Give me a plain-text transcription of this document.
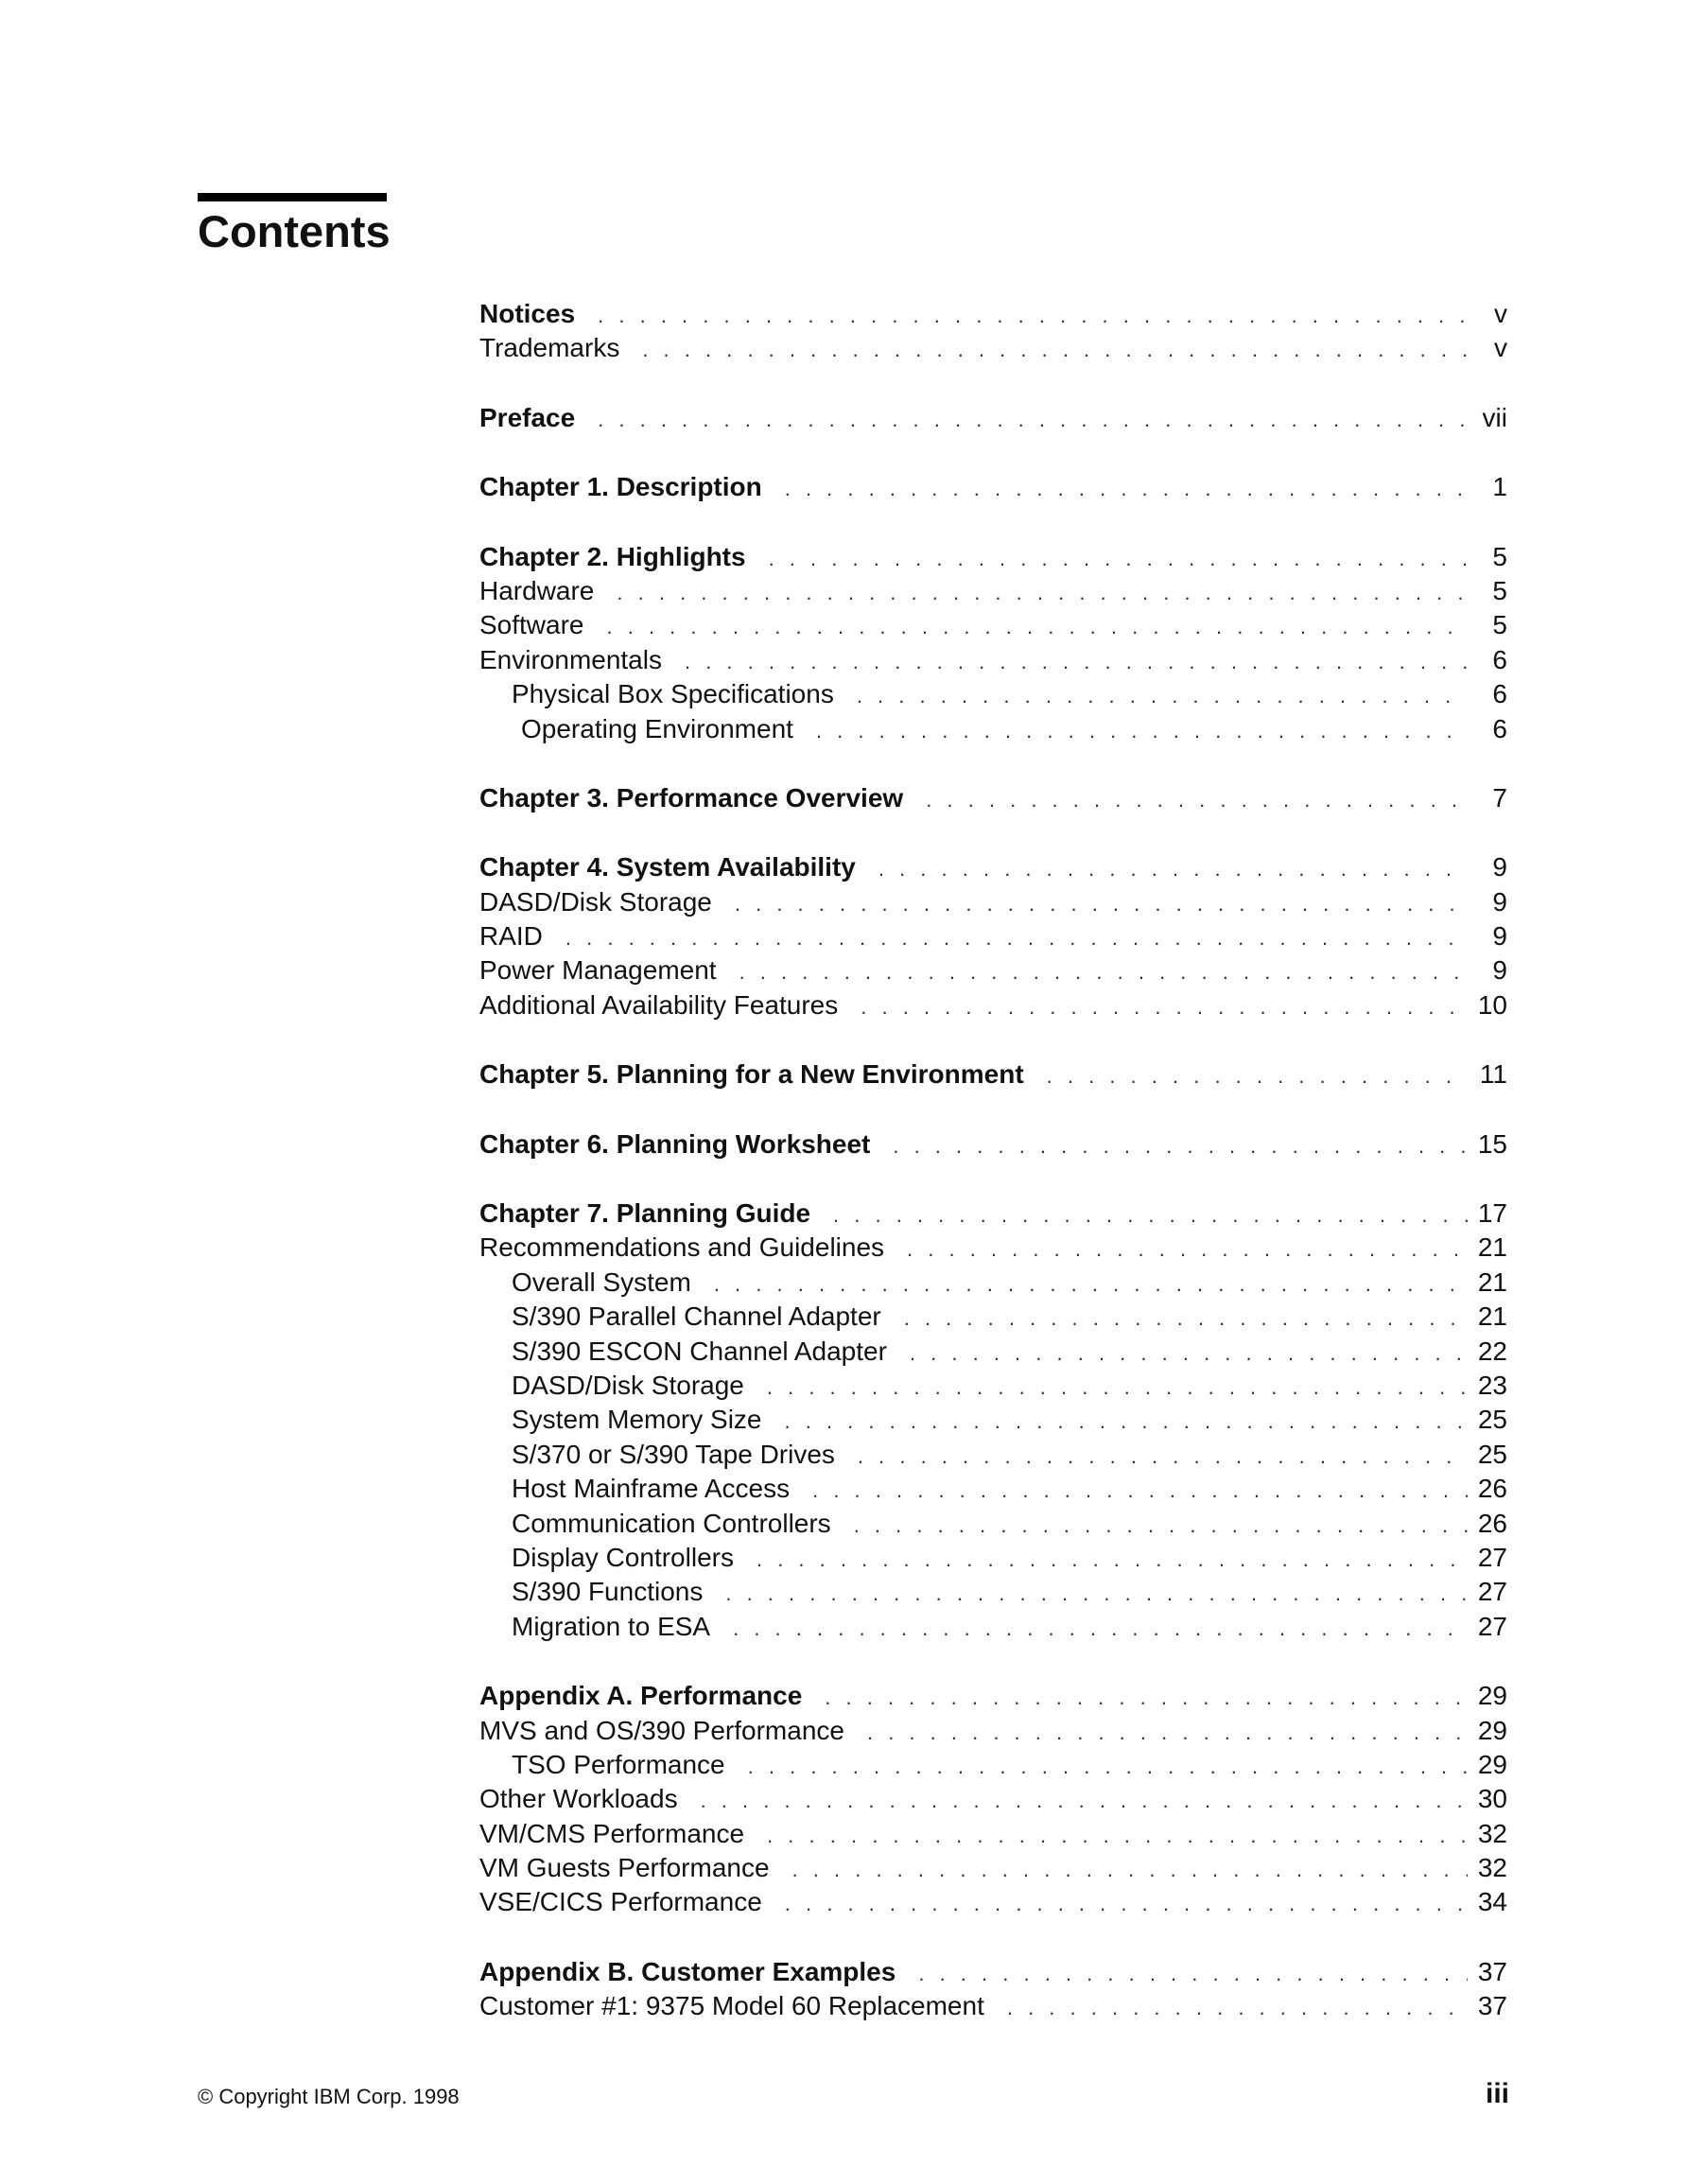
Contents
Notices . . .	v
Trademarks . . .	v
Preface . . .	vii
Chapter 1. Description . . .	1
Chapter 2. Highlights . . .	5
Hardware . . .	5
Software . . .	5
Environmentals . . .	6
Physical Box Specifications . . .	6
Operating Environment . . .	6
Chapter 3. Performance Overview . . .	7
Chapter 4. System Availability . . .	9
DASD/Disk Storage . . .	9
RAID . . .	9
Power Management . . .	9
Additional Availability Features . . .	10
Chapter 5. Planning for a New Environment . . .	11
Chapter 6. Planning Worksheet . . .	15
Chapter 7. Planning Guide . . .	17
Recommendations and Guidelines . . .	21
Overall System . . .	21
S/390 Parallel Channel Adapter . . .	21
S/390 ESCON Channel Adapter . . .	22
DASD/Disk Storage . . .	23
System Memory Size . . .	25
S/370 or S/390 Tape Drives . . .	25
Host Mainframe Access . . .	26
Communication Controllers . . .	26
Display Controllers . . .	27
S/390 Functions . . .	27
Migration to ESA . . .	27
Appendix A. Performance . . .	29
MVS and OS/390 Performance . . .	29
TSO Performance . . .	29
Other Workloads . . .	30
VM/CMS Performance . . .	32
VM Guests Performance . . .	32
VSE/CICS Performance . . .	34
Appendix B. Customer Examples . . .	37
Customer #1: 9375 Model 60 Replacement . . .	37
© Copyright IBM Corp. 1998	iii
